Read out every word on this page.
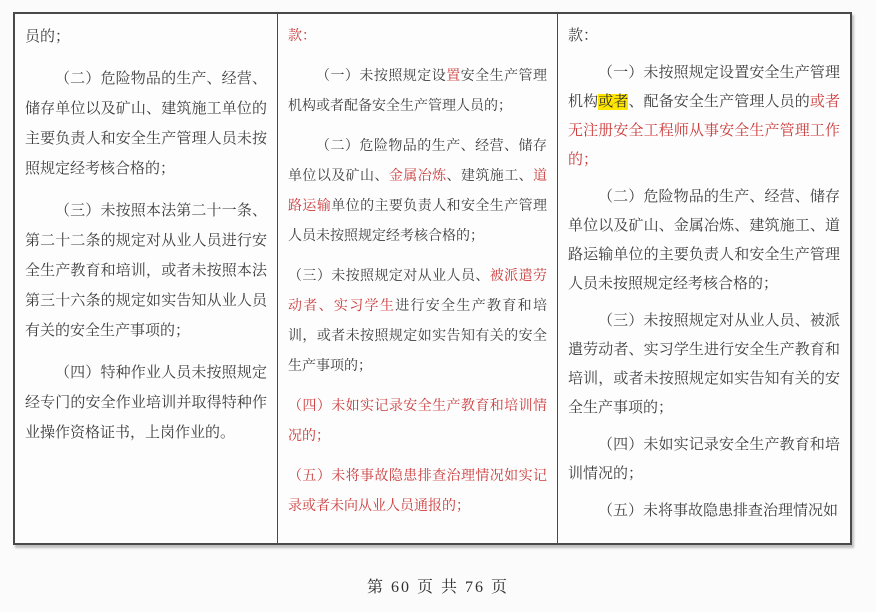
员的；

（二）危险物品的生产、经营、储存单位以及矿山、建筑施工单位的主要负责人和安全生产管理人员未按照规定经考核合格的；

（三）未按照本法第二十一条、第二十二条的规定对从业人员进行安全生产教育和培训，或者未按照本法第三十六条的规定如实告知从业人员有关的安全生产事项的；

（四）特种作业人员未按照规定经专门的安全作业培训并取得特种作业操作资格证书，上岗作业的。

款：

（一）未按照规定设置安全生产管理机构或者配备安全生产管理人员的；

（二）危险物品的生产、经营、储存单位以及矿山、金属冶炼、建筑施工、道路运输单位的主要负责人和安全生产管理人员未按照规定经考核合格的；

（三）未按照规定对从业人员、被派遣劳动者、实习学生进行安全生产教育和培训，或者未按照规定如实告知有关的安全生产事项的；

（四）未如实记录安全生产教育和培训情况的；

（五）未将事故隐患排查治理情况如实记录或者未向从业人员通报的；

款：

（一）未按照规定设置安全生产管理机构或者、配备安全生产管理人员的或者无注册安全工程师从事安全生产管理工作的；

（二）危险物品的生产、经营、储存单位以及矿山、金属冶炼、建筑施工、道路运输单位的主要负责人和安全生产管理人员未按照规定经考核合格的；

（三）未按照规定对从业人员、被派遣劳动者、实习学生进行安全生产教育和培训，或者未按照规定如实告知有关的安全生产事项的；

（四）未如实记录安全生产教育和培训情况的；

（五）未将事故隐患排查治理情况如

第 60 页 共 76 页
